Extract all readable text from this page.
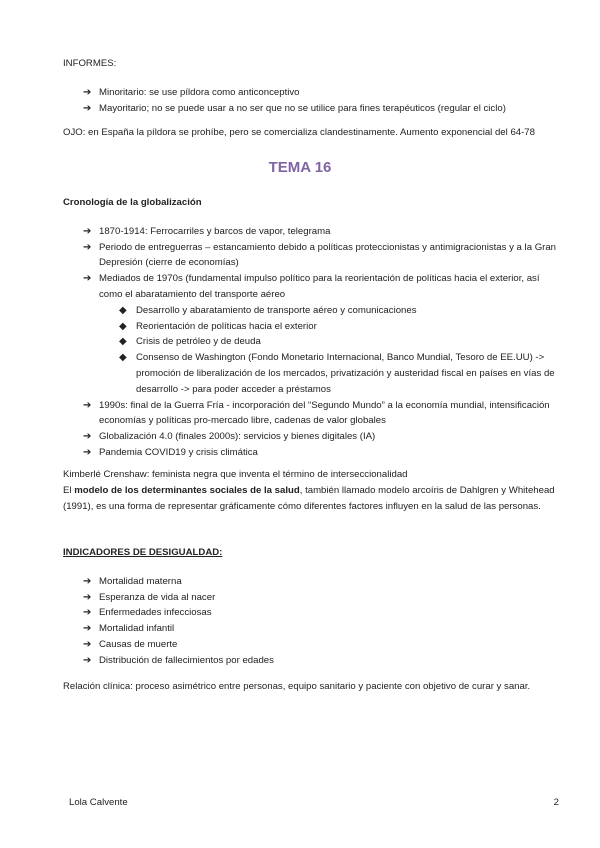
INFORMES:

➔ Minoritario: se use píldora como anticonceptivo
➔ Mayoritario; no se puede usar a no ser que no se utilice para fines terapéuticos (regular el ciclo)

OJO: en España la píldora se prohíbe, pero se comercializa clandestinamente. Aumento exponencial del 64-78

TEMA 16

Cronología de la globalización

➔ 1870-1914: Ferrocarriles y barcos de vapor, telegrama
➔ Periodo de entreguerras – estancamiento debido a políticas proteccionistas y antimigracionistas y a la Gran Depresión (cierre de economías)
➔ Mediados de 1970s (fundamental impulso político para la reorientación de políticas hacia el exterior, así como el abaratamiento del transporte aéreo
◆ Desarrollo y abaratamiento de transporte aéreo y comunicaciones
◆ Reorientación de políticas hacia el exterior
◆ Crisis de petróleo y de deuda
◆ Consenso de Washington (Fondo Monetario Internacional, Banco Mundial, Tesoro de EE.UU) -> promoción de liberalización de los mercados, privatización y austeridad fiscal en países en vías de desarrollo -> para poder acceder a préstamos
➔ 1990s: final de la Guerra Fría - incorporación del “Segundo Mundo” a la economía mundial, intensificación economías y políticas pro-mercado libre, cadenas de valor globales
➔ Globalización 4.0 (finales 2000s): servicios y bienes digitales (IA)
➔ Pandemia COVID19 y crisis climática

Kimberlé Crenshaw: feminista negra que inventa el término de interseccionalidad

El modelo de los determinantes sociales de la salud, también llamado modelo arcoíris de Dahlgren y Whitehead (1991), es una forma de representar gráficamente cómo diferentes factores influyen en la salud de las personas.

INDICADORES DE DESIGUALDAD:

➔ Mortalidad materna
➔ Esperanza de vida al nacer
➔ Enfermedades infecciosas
➔ Mortalidad infantil
➔ Causas de muerte
➔ Distribución de fallecimientos por edades

Relación clínica: proceso asimétrico entre personas, equipo sanitario y paciente con objetivo de curar y sanar.

Lola Calvente	2
